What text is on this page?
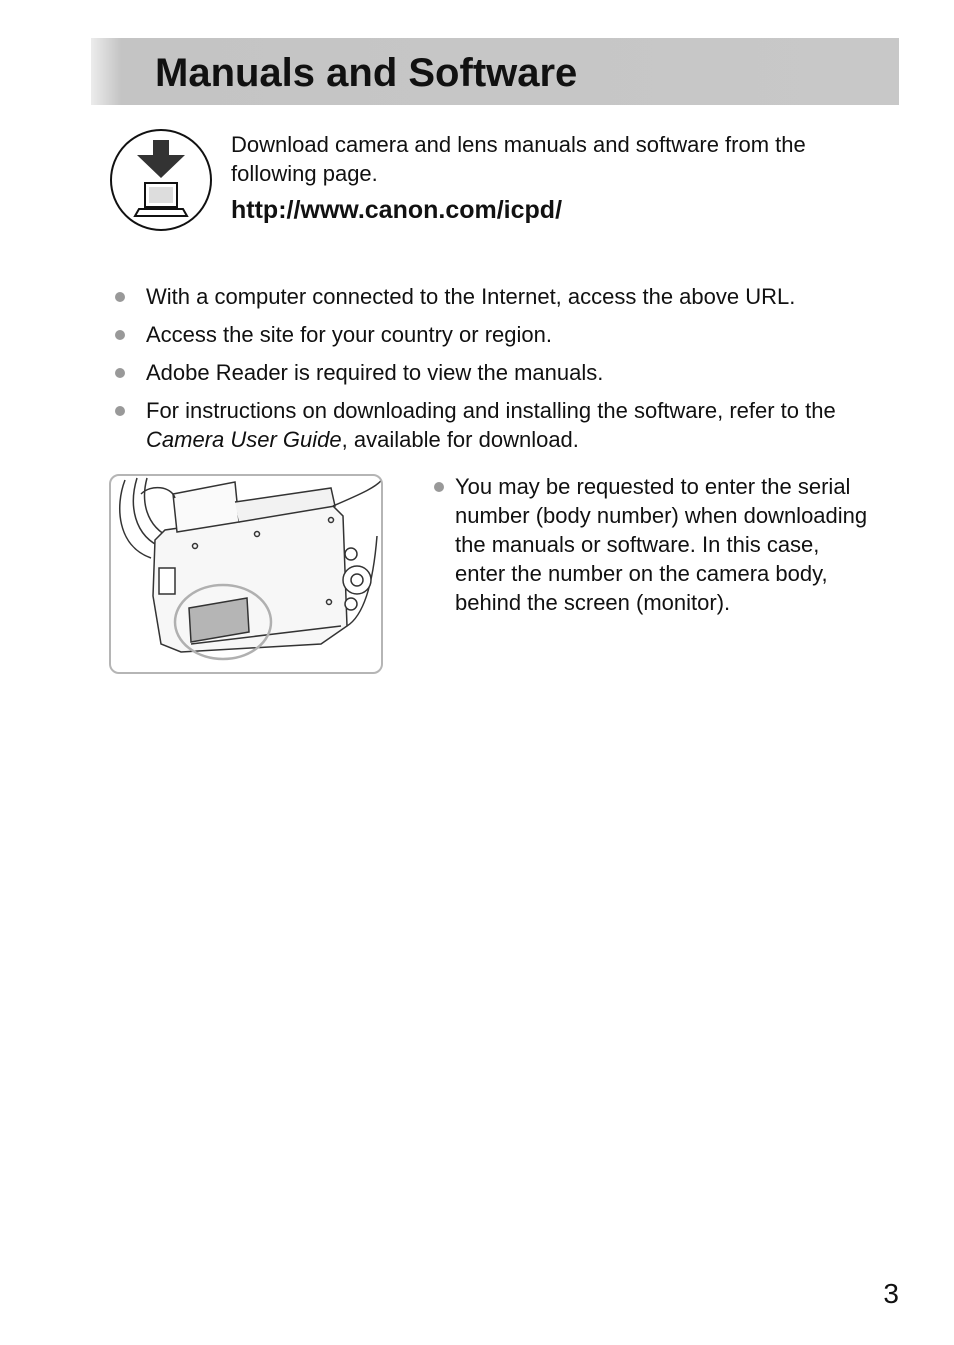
Manuals and Software

Download camera and lens manuals and software from the following page.

http://www.canon.com/icpd/
With a computer connected to the Internet, access the above URL.
Access the site for your country or region.
Adobe Reader is required to view the manuals.
For instructions on downloading and installing the software, refer to the
Camera User Guide, available for download.

You may be requested to enter the serial number (body number) when downloading the manuals or software. In this case, enter the number on the camera body, behind the screen (monitor).

3
